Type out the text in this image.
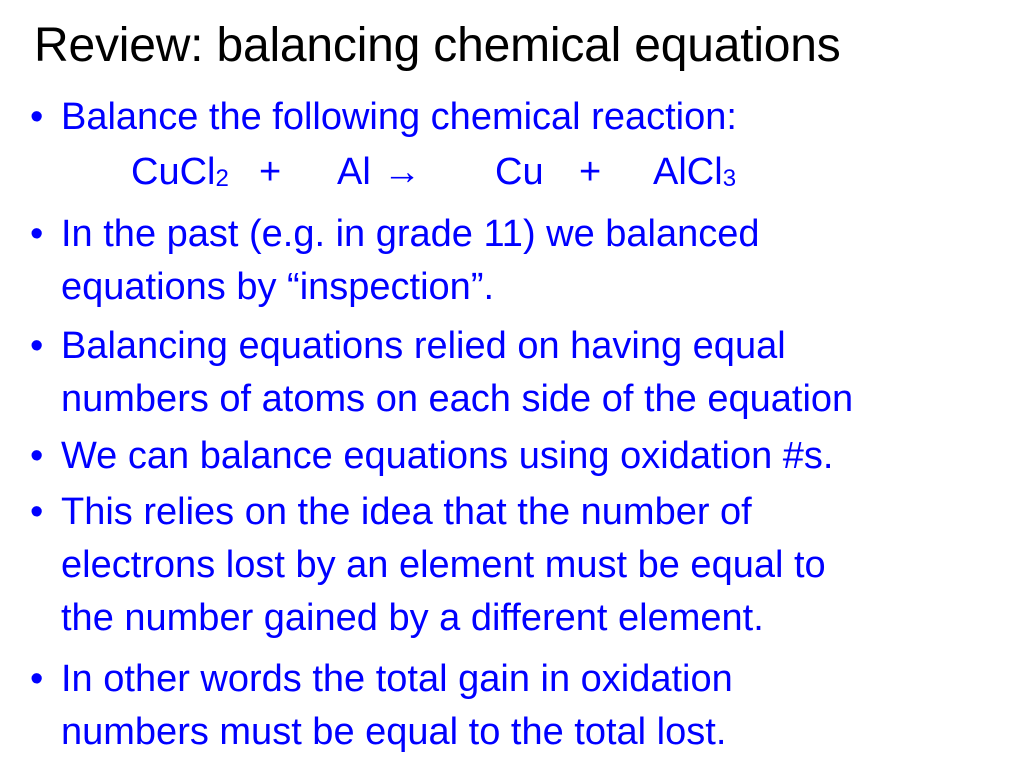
Review: balancing chemical equations
• Balance the following chemical reaction:
• In the past (e.g. in grade 11) we balanced
equations by “inspection”.
• Balancing equations relied on having equal
numbers of atoms on each side of the equation
• We can balance equations using oxidation #s.
• This relies on the idea that the number of
electrons lost by an element must be equal to
the number gained by a different element.
• In other words the total gain in oxidation
numbers must be equal to the total lost.
CuCl$_2$ + Al → Cu + AlCl$_3$
